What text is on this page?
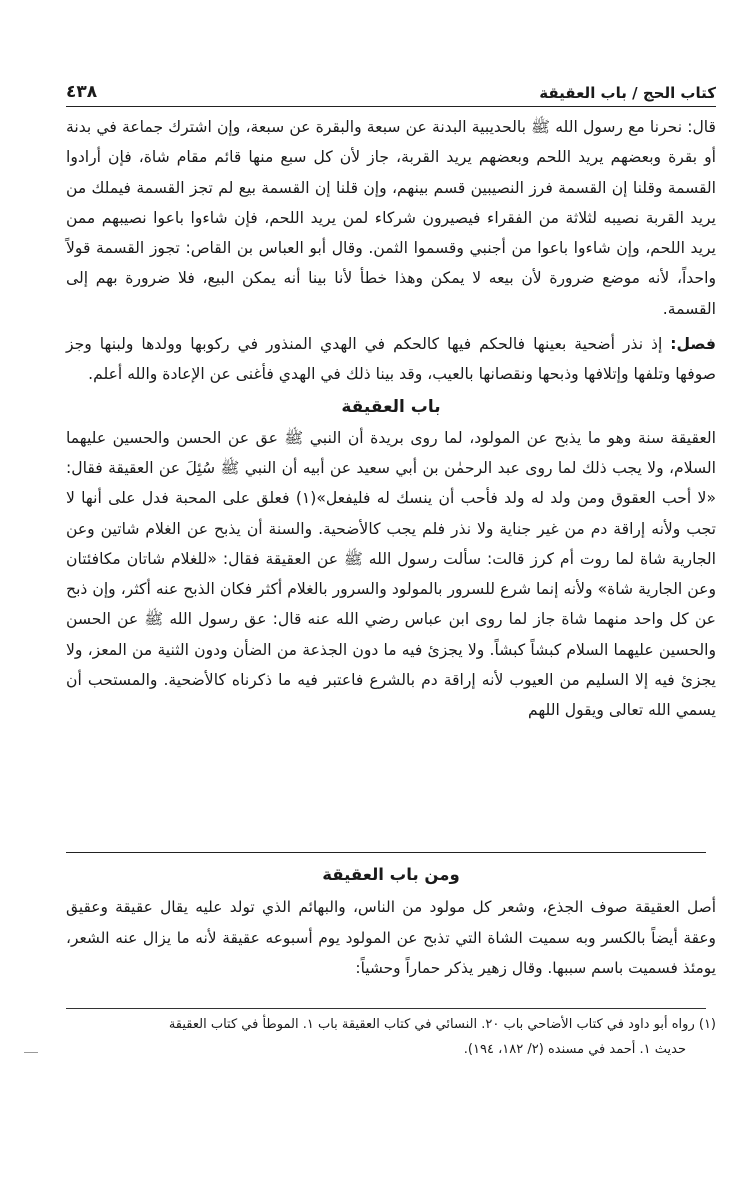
كتاب الحج / باب العقيقة
٤٣٨

قال: نحرنا مع رسول الله ﷺ بالحديبية البدنة عن سبعة والبقرة عن سبعة، وإن اشترك جماعة في بدنة أو بقرة وبعضهم يريد اللحم وبعضهم يريد القربة، جاز لأن كل سبع منها قائم مقام شاة، فإن أرادوا القسمة وقلنا إن القسمة فرز النصيبين قسم بينهم، وإن قلنا إن القسمة بيع لم تجز القسمة فيملك من يريد القربة نصيبه لثلاثة من الفقراء فيصيرون شركاء لمن يريد اللحم، فإن شاءوا باعوا نصيبهم ممن يريد اللحم، وإن شاءوا باعوا من أجنبي وقسموا الثمن. وقال أبو العباس بن القاص: تجوز القسمة قولاً واحداً، لأنه موضع ضرورة لأن بيعه لا يمكن وهذا خطأ لأنا بينا أنه يمكن البيع، فلا ضرورة بهم إلى القسمة.

فصل: إذ نذر أضحية بعينها فالحكم فيها كالحكم في الهدي المنذور في ركوبها وولدها ولبنها وجز صوفها وتلفها وإتلافها وذبحها ونقصانها بالعيب، وقد بينا ذلك في الهدي فأغنى عن الإعادة والله أعلم.

باب العقيقة

العقيقة سنة وهو ما يذبح عن المولود، لما روى بريدة أن النبي ﷺ عق عن الحسن والحسين عليهما السلام، ولا يجب ذلك لما روى عبد الرحمٰن بن أبي سعيد عن أبيه أن النبي ﷺ سُئِلَ عن العقيقة فقال: «لا أحب العقوق ومن ولد له ولد فأحب أن ينسك له فليفعل»(١) فعلق على المحبة فدل على أنها لا تجب ولأنه إراقة دم من غير جناية ولا نذر فلم يجب كالأضحية. والسنة أن يذبح عن الغلام شاتين وعن الجارية شاة لما روت أم كرز قالت: سألت رسول الله ﷺ عن العقيقة فقال: «للغلام شاتان مكافئتان وعن الجارية شاة» ولأنه إنما شرع للسرور بالمولود والسرور بالغلام أكثر فكان الذبح عنه أكثر، وإن ذبح عن كل واحد منهما شاة جاز لما روى ابن عباس رضي الله عنه قال: عق رسول الله ﷺ عن الحسن والحسين عليهما السلام كبشاً كبشاً. ولا يجزئ فيه ما دون الجذعة من الضأن ودون الثنية من المعز، ولا يجزئ فيه إلا السليم من العيوب لأنه إراقة دم بالشرع فاعتبر فيه ما ذكرناه كالأضحية. والمستحب أن يسمي الله تعالى ويقول اللهم

ومن باب العقيقة

أصل العقيقة صوف الجذع، وشعر كل مولود من الناس، والبهائم الذي تولد عليه يقال عقيقة وعقيق وعقة أيضاً بالكسر وبه سميت الشاة التي تذبح عن المولود يوم أسبوعه عقيقة لأنه ما يزال عنه الشعر، يومئذ فسميت باسم سببها. وقال زهير يذكر حماراً وحشياً:

(١) رواه أبو داود في كتاب الأضاحي باب ٢٠. النسائي في كتاب العقيقة باب ١. الموطأ في كتاب العقيقة

حديث ١. أحمد في مسنده (٢/ ١٨٢، ١٩٤).
